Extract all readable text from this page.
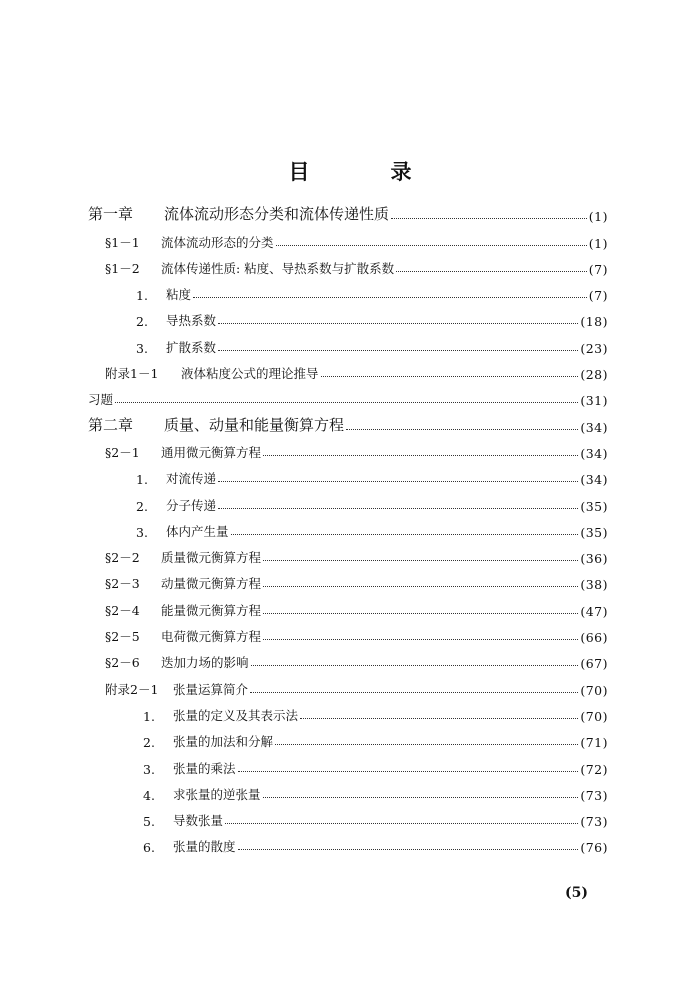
目　录
第一章	流体流动形态分类和流体传递性质	(1)
§1－1	流体流动形态的分类	(1)
§1－2	流体传递性质: 粘度、导热系数与扩散系数	(7)
1.	粘度	(7)
2.	导热系数	(18)
3.	扩散系数	(23)
附录1－1	液体粘度公式的理论推导	(28)
习题	(31)
第二章	质量、动量和能量衡算方程	(34)
§2－1	通用微元衡算方程	(34)
1.	对流传递	(34)
2.	分子传递	(35)
3.	体内产生量	(35)
§2－2	质量微元衡算方程	(36)
§2－3	动量微元衡算方程	(38)
§2－4	能量微元衡算方程	(47)
§2－5	电荷微元衡算方程	(66)
§2－6	迭加力场的影响	(67)
附录2－1	张量运算简介	(70)
1.	张量的定义及其表示法	(70)
2.	张量的加法和分解	(71)
3.	张量的乘法	(72)
4.	求张量的逆张量	(73)
5.	导数张量	(73)
6.	张量的散度	(76)
(5)
